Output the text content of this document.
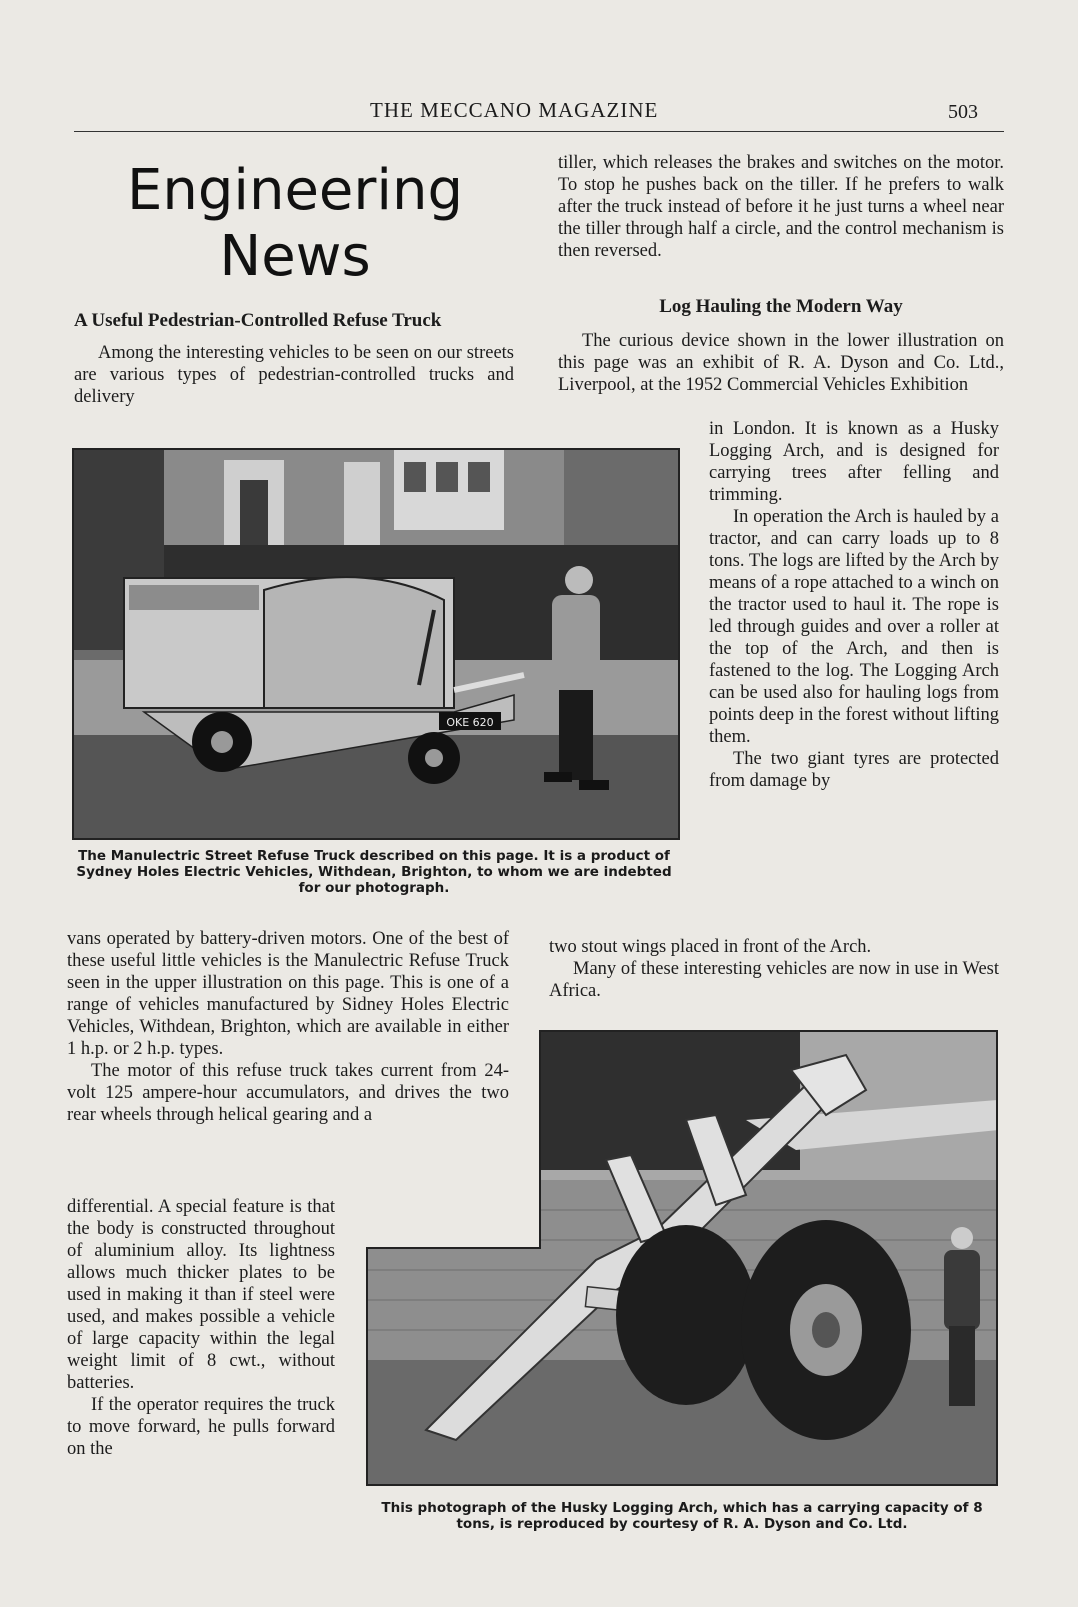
THE MECCANO MAGAZINE	503
Engineering
News
A Useful Pedestrian-Controlled Refuse Truck

Among the interesting vehicles to be seen on our streets are various types of pedestrian-controlled trucks and delivery

tiller, which releases the brakes and switches on the motor. To stop he pushes back on the tiller. If he prefers to walk after the truck instead of before it he just turns a wheel near the tiller through half a circle, and the control mechanism is then reversed.

Log Hauling the Modern Way

The curious device shown in the lower illustration on this page was an exhibit of R. A. Dyson and Co. Ltd., Liverpool, at the 1952 Commercial Vehicles Exhibition

in London. It is known as a Husky Logging Arch, and is designed for carrying trees after felling and trimming.

In operation the Arch is hauled by a tractor, and can carry loads up to 8 tons. The logs are lifted by the Arch by means of a rope attached to a winch on the tractor used to haul it. The rope is led through guides and over a roller at the top of the Arch, and then is fastened to the log. The Logging Arch can be used also for hauling logs from points deep in the forest without lifting them.

The two giant tyres are protected from damage by

two stout wings placed in front of the Arch.

Many of these interesting vehicles are now in use in West Africa.

OKE 620
The Manulectric Street Refuse Truck described on this page. It is a product of Sydney Holes Electric Vehicles, Withdean, Brighton, to whom we are indebted for our photograph.

vans operated by battery-driven motors. One of the best of these useful little vehicles is the Manulectric Refuse Truck seen in the upper illustration on this page. This is one of a range of vehicles manufactured by Sidney Holes Electric Vehicles, Withdean, Brighton, which are available in either 1 h.p. or 2 h.p. types.

The motor of this refuse truck takes current from 24-volt 125 ampere-hour accumulators, and drives the two rear wheels through helical gearing and a

differential. A special feature is that the body is constructed throughout of aluminium alloy. Its lightness allows much thicker plates to be used in making it than if steel were used, and makes possible a vehicle of large capacity within the legal weight limit of 8 cwt., without batteries.

If the operator requires the truck to move forward, he pulls forward on the

This photograph of the Husky Logging Arch, which has a carrying capacity of 8 tons, is reproduced by courtesy of R. A. Dyson and Co. Ltd.
